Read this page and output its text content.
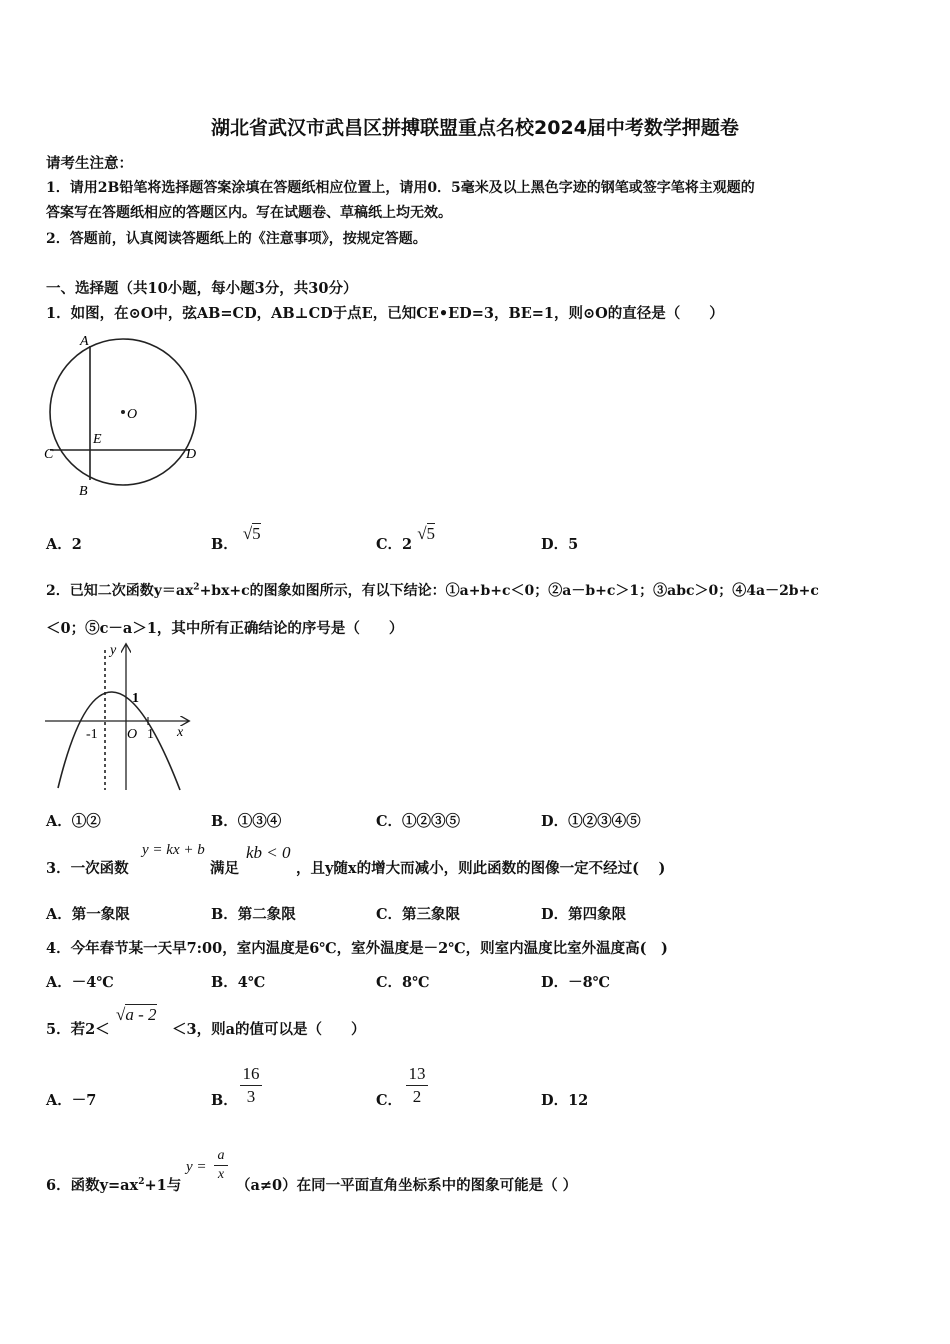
湖北省武汉市武昌区拼搏联盟重点名校2024届中考数学押题卷
请考生注意：
1．请用2B铅笔将选择题答案涂填在答题纸相应位置上，请用0．5毫米及以上黑色字迹的钢笔或签字笔将主观题的
答案写在答题纸相应的答题区内。写在试题卷、草稿纸上均无效。
2．答题前，认真阅读答题纸上的《注意事项》，按规定答题。
一、选择题（共10小题，每小题3分，共30分）
1．如图，在⊙O中，弦AB=CD，AB⊥CD于点E，已知CE•ED=3，BE=1，则⊙O的直径是（　　）
A
B
C	D
E
O
A．2	B． √5
C．2 √5
D．5
2．已知二次函数$y=ax^2+bx+c$的图象如图所示，有以下结论：①a+b+c＜0；②a－b+c＞1；③abc＞0；④4a－2b+c
＜0；⑤c－a＞1，其中所有正确结论的序号是（　　）
y
x
1
-1 O 1
A．①②	B．①③④	C．①②③⑤	D．①②③④⑤
3．一次函数
y = kx + b
满足
kb < 0
，且y随x的增大而减小，则此函数的图像一定不经过(　 )
A．第一象限	B．第二象限	C．第三象限	D．第四象限
4．今年春节某一天早7:00，室内温度是6℃，室外温度是－2℃，则室内温度比室外温度高(　)
A．－4℃	B．4℃	C．8℃	D．－8℃
5．若2＜
√a - 2
＜3，则a的值可以是（　　）
A．－7	B．
16
3	C．
13
2	D．12
6．函数$y=ax^2+1$与
y =
a
x
（a≠0）在同一平面直角坐标系中的图象可能是（ ）
